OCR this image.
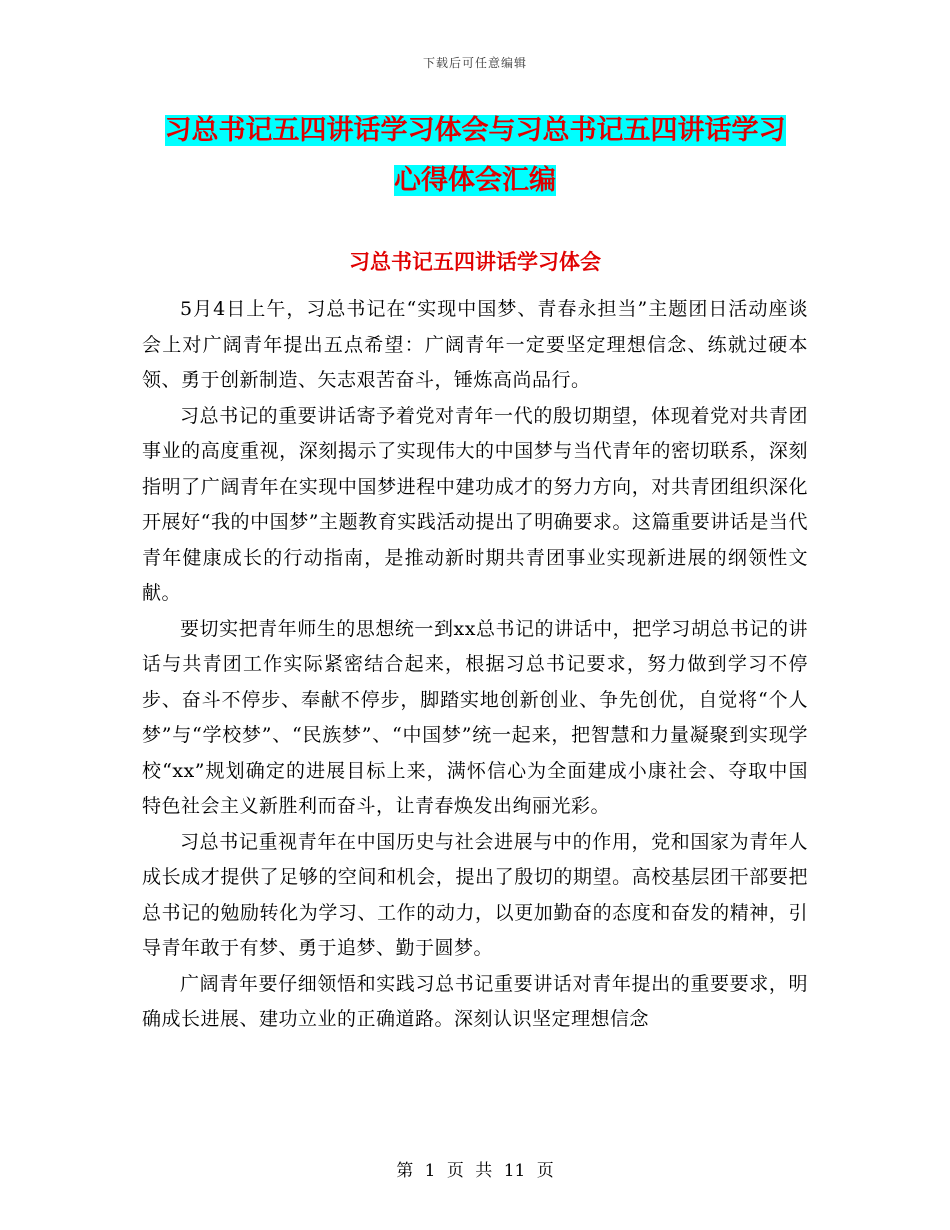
下载后可任意编辑
习总书记五四讲话学习体会与习总书记五四讲话学习
心得体会汇编
习总书记五四讲话学习体会

5月4日上午，习总书记在“实现中国梦、青春永担当”主题团日活动座谈会上对广阔青年提出五点希望：广阔青年一定要坚定理想信念、练就过硬本领、勇于创新制造、矢志艰苦奋斗，锤炼高尚品行。

习总书记的重要讲话寄予着党对青年一代的殷切期望，体现着党对共青团事业的高度重视，深刻揭示了实现伟大的中国梦与当代青年的密切联系，深刻指明了广阔青年在实现中国梦进程中建功成才的努力方向，对共青团组织深化开展好“我的中国梦”主题教育实践活动提出了明确要求。这篇重要讲话是当代青年健康成长的行动指南，是推动新时期共青团事业实现新进展的纲领性文献。

要切实把青年师生的思想统一到xx总书记的讲话中，把学习胡总书记的讲话与共青团工作实际紧密结合起来，根据习总书记要求，努力做到学习不停步、奋斗不停步、奉献不停步，脚踏实地创新创业、争先创优，自觉将“个人梦”与“学校梦”、“民族梦”、“中国梦”统一起来，把智慧和力量凝聚到实现学校“xx”规划确定的进展目标上来，满怀信心为全面建成小康社会、夺取中国特色社会主义新胜利而奋斗，让青春焕发出绚丽光彩。

习总书记重视青年在中国历史与社会进展与中的作用，党和国家为青年人成长成才提供了足够的空间和机会，提出了殷切的期望。高校基层团干部要把总书记的勉励转化为学习、工作的动力，以更加勤奋的态度和奋发的精神，引导青年敢于有梦、勇于追梦、勤于圆梦。

广阔青年要仔细领悟和实践习总书记重要讲话对青年提出的重要要求，明确成长进展、建功立业的正确道路。深刻认识坚定理想信念

第 1 页 共 11 页
